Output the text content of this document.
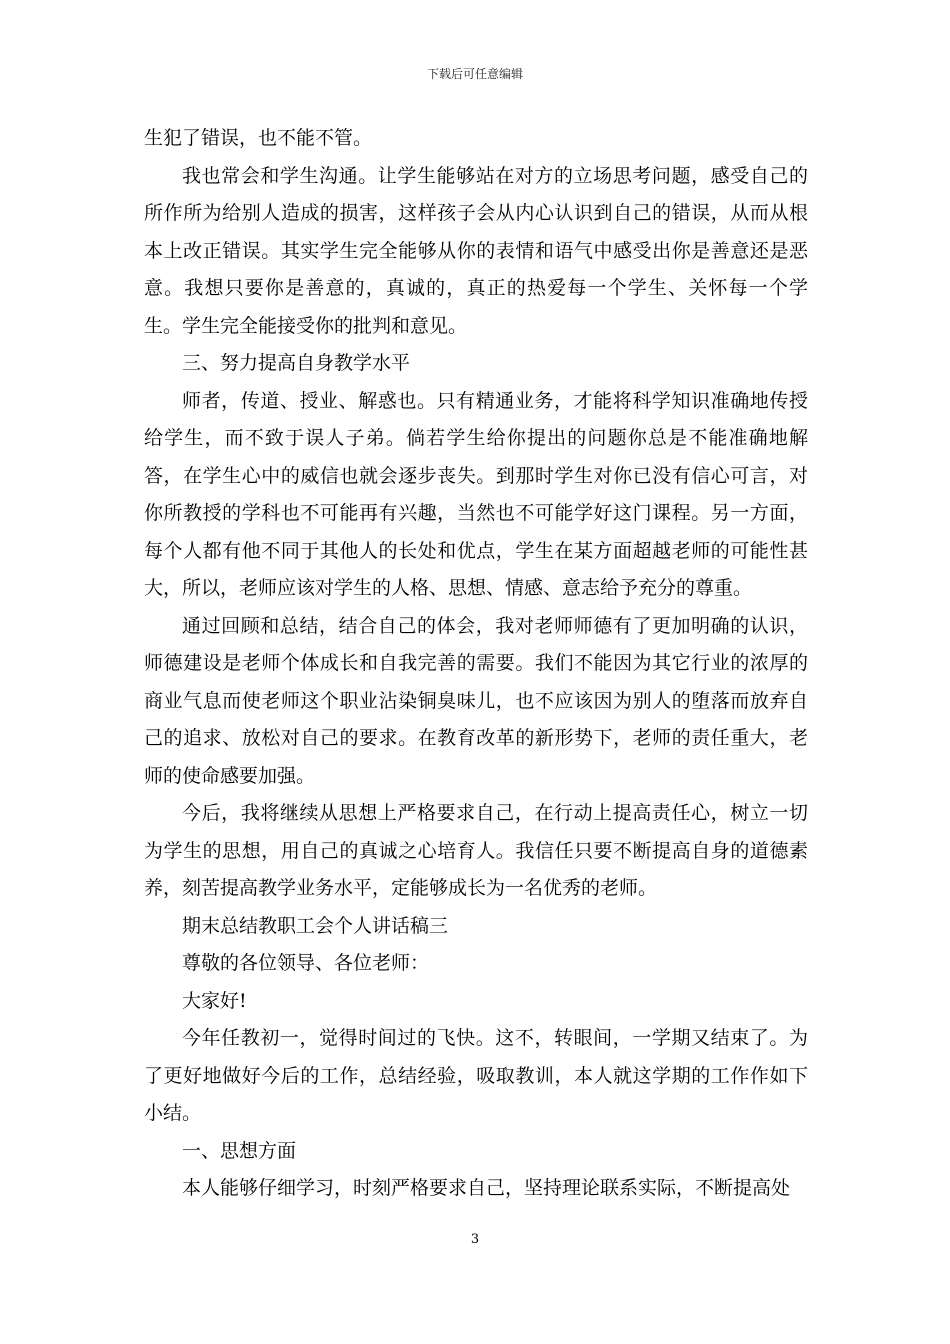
下载后可任意编辑

生犯了错误，也不能不管。

我也常会和学生沟通。让学生能够站在对方的立场思考问题，感受自己的所作所为给别人造成的损害，这样孩子会从内心认识到自己的错误，从而从根本上改正错误。其实学生完全能够从你的表情和语气中感受出你是善意还是恶意。我想只要你是善意的，真诚的，真正的热爱每一个学生、关怀每一个学生。学生完全能接受你的批判和意见。

三、努力提高自身教学水平

师者，传道、授业、解惑也。只有精通业务，才能将科学知识准确地传授给学生，而不致于误人子弟。倘若学生给你提出的问题你总是不能准确地解答，在学生心中的威信也就会逐步丧失。到那时学生对你已没有信心可言，对你所教授的学科也不可能再有兴趣，当然也不可能学好这门课程。另一方面，每个人都有他不同于其他人的长处和优点，学生在某方面超越老师的可能性甚大，所以，老师应该对学生的人格、思想、情感、意志给予充分的尊重。

通过回顾和总结，结合自己的体会，我对老师师德有了更加明确的认识，师德建设是老师个体成长和自我完善的需要。我们不能因为其它行业的浓厚的商业气息而使老师这个职业沾染铜臭味儿，也不应该因为别人的堕落而放弃自己的追求、放松对自己的要求。在教育改革的新形势下，老师的责任重大，老师的使命感要加强。

今后，我将继续从思想上严格要求自己，在行动上提高责任心，树立一切为学生的思想，用自己的真诚之心培育人。我信任只要不断提高自身的道德素养，刻苦提高教学业务水平，定能够成长为一名优秀的老师。

期末总结教职工会个人讲话稿三

尊敬的各位领导、各位老师：

大家好!

今年任教初一，觉得时间过的飞快。这不，转眼间，一学期又结束了。为了更好地做好今后的工作，总结经验，吸取教训，本人就这学期的工作作如下小结。

一、思想方面

本人能够仔细学习，时刻严格要求自己，坚持理论联系实际，不断提高处

3
